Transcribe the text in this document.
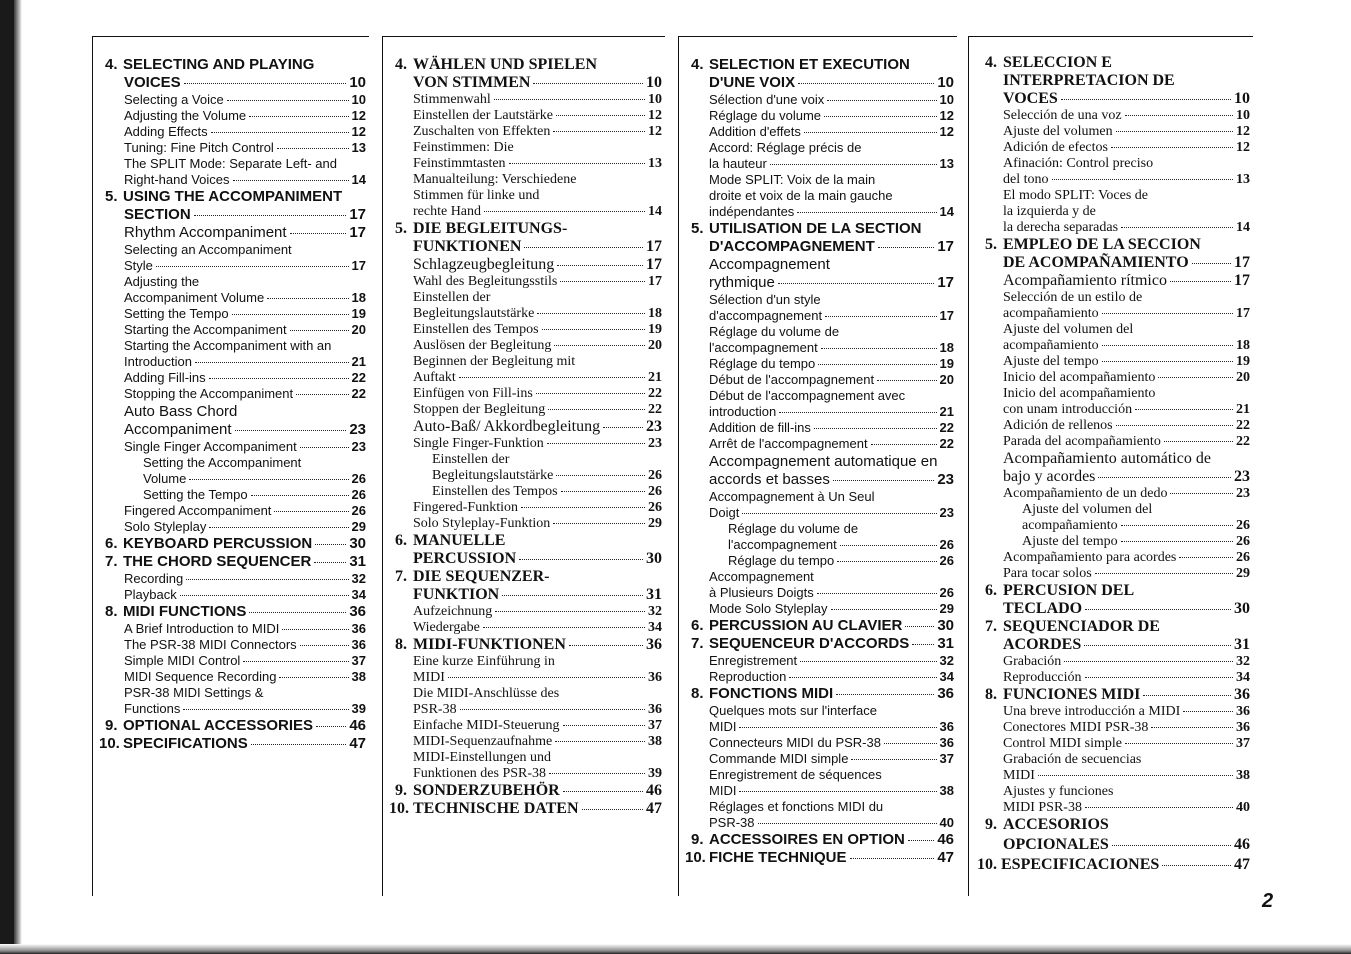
4. SELECTING AND PLAYING
VOICES	10
Selecting a Voice	10
Adjusting the Volume	12
Adding Effects	12
Tuning: Fine Pitch Control	13
The SPLIT Mode: Separate Left- and
Right-hand Voices	14
5. USING THE ACCOMPANIMENT
SECTION	17
Rhythm Accompaniment	17
Selecting an Accompaniment
Style	17
Adjusting the
Accompaniment Volume	18
Setting the Tempo	19
Starting the Accompaniment	20
Starting the Accompaniment with an
Introduction	21
Adding Fill-ins	22
Stopping the Accompaniment	22
Auto Bass Chord
Accompaniment	23
Single Finger Accompaniment	23
Setting the Accompaniment
Volume	26
Setting the Tempo	26
Fingered Accompaniment	26
Solo Styleplay	29
6. KEYBOARD PERCUSSION 30
7. THE CHORD SEQUENCER	31
Recording	32
Playback	34
8. MIDI FUNCTIONS	36
A Brief Introduction to MIDI	36
The PSR-38 MIDI Connectors	36
Simple MIDI Control	37
MIDI Sequence Recording	38
PSR-38 MIDI Settings &
Functions	39
9. OPTIONAL ACCESSORIES 46
10. SPECIFICATIONS	47
4. WÄHLEN UND SPIELEN
VON STIMMEN	10
Stimmenwahl	10
Einstellen der Lautstärke	12
Zuschalten von Effekten	12
Feinstimmen: Die
Feinstimmtasten	13
Manualteilung: Verschiedene
Stimmen für linke und
rechte Hand	14
5. DIE BEGLEITUNGS-
FUNKTIONEN	17
Schlagzeugbegleitung	17
Wahl des Begleitungsstils	17
Einstellen der
Begleitungslautstärke	18
Einstellen des Tempos	19
Auslösen der Begleitung	20
Beginnen der Begleitung mit
Auftakt	21
Einfügen von Fill-ins	22
Stoppen der Begleitung	22
Auto-Baß/ Akkordbegleitung	23
Single Finger-Funktion	23
Einstellen der
Begleitungslautstärke	26
Einstellen des Tempos	26
Fingered-Funktion	26
Solo Styleplay-Funktion	29
6. MANUELLE
PERCUSSION	30
7. DIE SEQUENZER-
FUNKTION	31
Aufzeichnung	32
Wiedergabe	34
8. MIDI-FUNKTIONEN	36
Eine kurze Einführung in
MIDI	36
Die MIDI-Anschlüsse des
PSR-38	36
Einfache MIDI-Steuerung	37
MIDI-Sequenzaufnahme	38
MIDI-Einstellungen und
Funktionen des PSR-38	39
9. SONDERZUBEHÖR	46
10. TECHNISCHE DATEN	47
4. SELECTION ET EXECUTION
D'UNE VOIX	10
Sélection d'une voix	10
Réglage du volume	12
Addition d'effets	12
Accord: Réglage précis de
la hauteur	13
Mode SPLIT: Voix de la main
droite et voix de la main gauche
indépendantes	14
5. UTILISATION DE LA SECTION
D'ACCOMPAGNEMENT	17
Accompagnement
rythmique	17
Sélection d'un style
d'accompagnement	17
Réglage du volume de
l'accompagnement	18
Réglage du tempo	19
Début de l'accompagnement	20
Début de l'accompagnement avec
introduction	21
Addition de fill-ins	22
Arrêt de l'accompagnement	22
Accompagnement automatique en
accords et basses	23
Accompagnement à Un Seul
Doigt	23
Réglage du volume de
l'accompagnement	26
Réglage du tempo	26
Accompagnement
à Plusieurs Doigts	26
Mode Solo Styleplay	29
6. PERCUSSION AU CLAVIER 30
7. SEQUENCEUR D'ACCORDS 31
Enregistrement	32
Reproduction	34
8. FONCTIONS MIDI	36
Quelques mots sur l'interface
MIDI	36
Connecteurs MIDI du PSR-38	36
Commande MIDI simple	37
Enregistrement de séquences
MIDI	38
Réglages et fonctions MIDI du
PSR-38	40
9. ACCESSOIRES EN OPTION 46
10. FICHE TECHNIQUE	47
4. SELECCION E
INTERPRETACION DE
VOCES	10
Selección de una voz	10
Ajuste del volumen	12
Adición de efectos	12
Afinación: Control preciso
del tono	13
El modo SPLIT: Voces de
la izquierda y de
la derecha separadas	14
5. EMPLEO DE LA SECCION
DE ACOMPAÑAMIENTO	17
Acompañamiento rítmico	17
Selección de un estilo de
acompañamiento	17
Ajuste del volumen del
acompañamiento	18
Ajuste del tempo	19
Inicio del acompañamiento	20
Inicio del acompañamiento
con unam introducción	21
Adición de rellenos	22
Parada del acompañamiento	22
Acompañamiento automático de
bajo y acordes	23
Acompañamiento de un dedo	23
Ajuste del volumen del
acompañamiento	26
Ajuste del tempo	26
Acompañamiento para acordes	26
Para tocar solos	29
6. PERCUSION DEL
TECLADO	30
7. SEQUENCIADOR DE
ACORDES	31
Grabación	32
Reproducción	34
8. FUNCIONES MIDI	36
Una breve introducción a MIDI	36
Conectores MIDI PSR-38	36
Control MIDI simple	37
Grabación de secuencias
MIDI	38
Ajustes y funciones
MIDI PSR-38	40
9. ACCESORIOS
OPCIONALES	46
10. ESPECIFICACIONES	47
2
